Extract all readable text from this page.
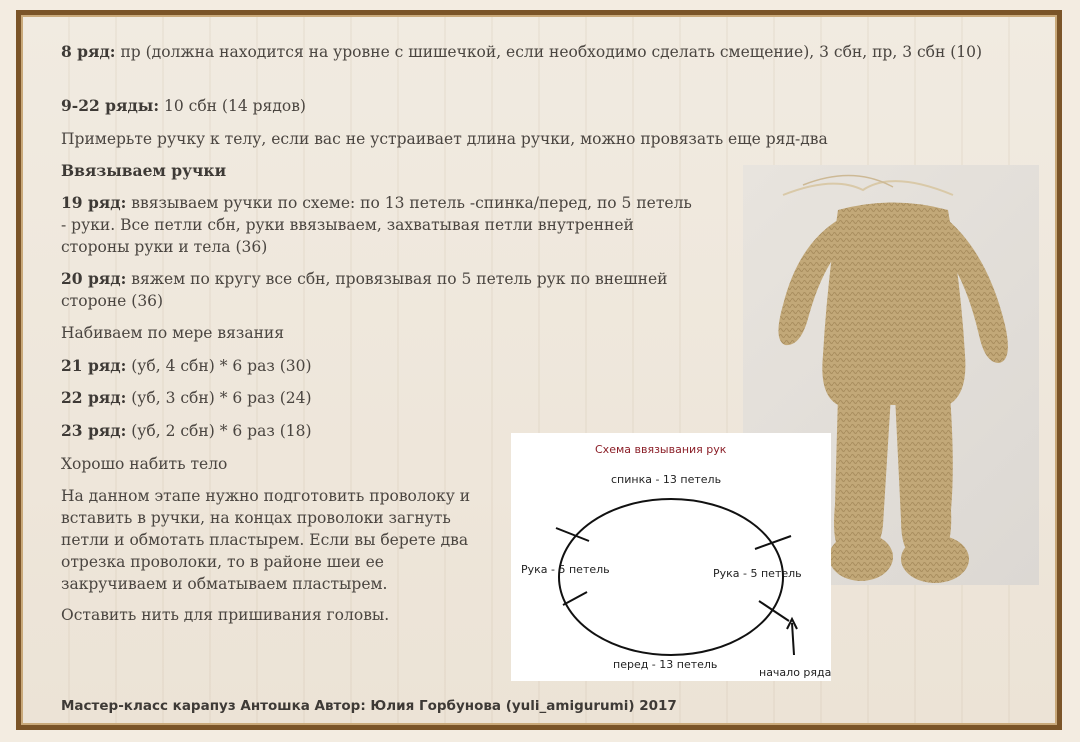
8 ряд: пр (должна находится на уровне с шишечкой, если необходимо сделать смещение), 3 сбн, пр, 3 сбн (10)

9-22 ряды: 10 сбн (14 рядов)

Примерьте ручку к телу, если вас не устраивает длина ручки, можно провязать еще ряд-два

Ввязываем ручки

19 ряд: ввязываем ручки по схеме: по 13 петель -спинка/перед, по 5 петель - руки. Все петли сбн, руки ввязываем, захватывая петли внутренней стороны руки и тела (36)

20 ряд: вяжем по кругу все сбн, провязывая по 5 петель рук по внешней стороне (36)

Набиваем по мере вязания

21 ряд: (уб, 4 сбн) * 6 раз (30)

22 ряд: (уб, 3 сбн) * 6 раз (24)

23 ряд: (уб, 2 сбн) * 6 раз (18)

Хорошо набить тело

На данном этапе нужно подготовить проволоку и вставить в ручки, на концах проволоки загнуть петли и обмотать пластырем. Если вы берете два отрезка проволоки, то в районе шеи ее закручиваем и обматываем пластырем.

Оставить нить для пришивания головы.

Схема ввязывания рук
спинка - 13 петель
Рука - 5 петель	Рука - 5 петель
перед - 13 петель
начало ряда
Мастер-класс карапуз Антошка Автор: Юлия Горбунова (yuli_amigurumi) 2017
